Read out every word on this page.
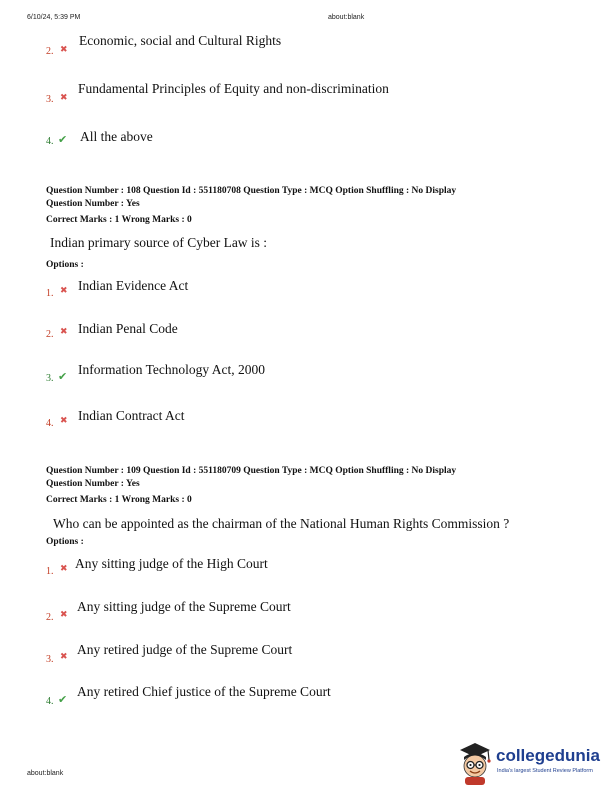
6/10/24, 5:39 PM	about:blank
Economic, social and Cultural Rights
2. ✖
Fundamental Principles of Equity and non-discrimination
3. ✖
4. ✔ All the above
Question Number : 108 Question Id : 551180708 Question Type : MCQ Option Shuffling : No Display
Question Number : Yes
Correct Marks : 1 Wrong Marks : 0
Indian primary source of Cyber Law is :
Options :
1. ✖ Indian Evidence Act
2. ✖ Indian Penal Code
3. ✔ Information Technology Act, 2000
4. ✖ Indian Contract Act
Question Number : 109 Question Id : 551180709 Question Type : MCQ Option Shuffling : No Display
Question Number : Yes
Correct Marks : 1 Wrong Marks : 0
Who can be appointed as the chairman of the National Human Rights Commission ?
Options :
1. ✖ Any sitting judge of the High Court
2. ✖
Any sitting judge of the Supreme Court
3. ✖ Any retired judge of the Supreme Court
4. ✔
Any retired Chief justice of the Supreme Court
about:blank
collegedunia
India's largest Student Review Platform
